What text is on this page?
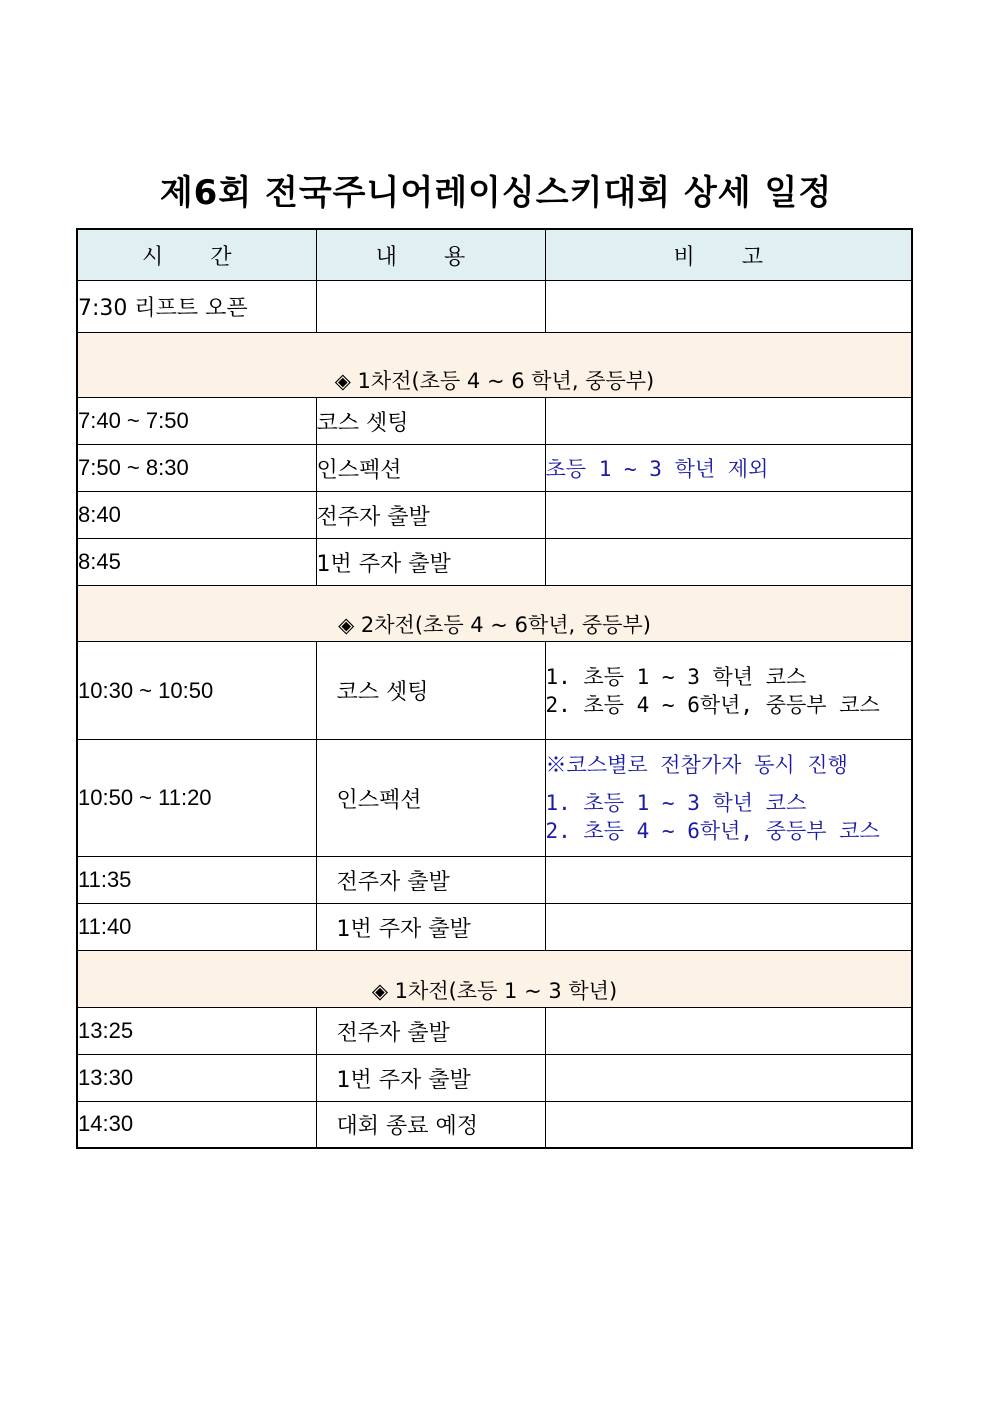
제6회 전국주니어레이싱스키대회 상세 일정
시 간	내 용	비 고
7:30 리프트 오픈		
◈ 1차전(초등 4 ~ 6 학년, 중등부)		
7:40 ~ 7:50	코스 셋팅	
7:50 ~ 8:30	인스펙션	초등 1 ~ 3 학년 제외
8:40	전주자 출발	
8:45	1번 주자 출발	
◈ 2차전(초등 4 ~ 6학년, 중등부)		
10:30 ~ 10:50	코스 셋팅	1. 초등 1 ~ 3 학년 코스
2. 초등 4 ~ 6학년, 중등부 코스

10:50 ~ 11:20	인스펙션	※코스별로 전참가자 동시 진행
1. 초등 1 ~ 3 학년 코스
2. 초등 4 ~ 6학년, 중등부 코스

11:35	전주자 출발	
11:40	1번 주자 출발	
◈ 1차전(초등 1 ~ 3 학년)		
13:25	전주자 출발	
13:30	1번 주자 출발	
14:30	대회 종료 예정	
